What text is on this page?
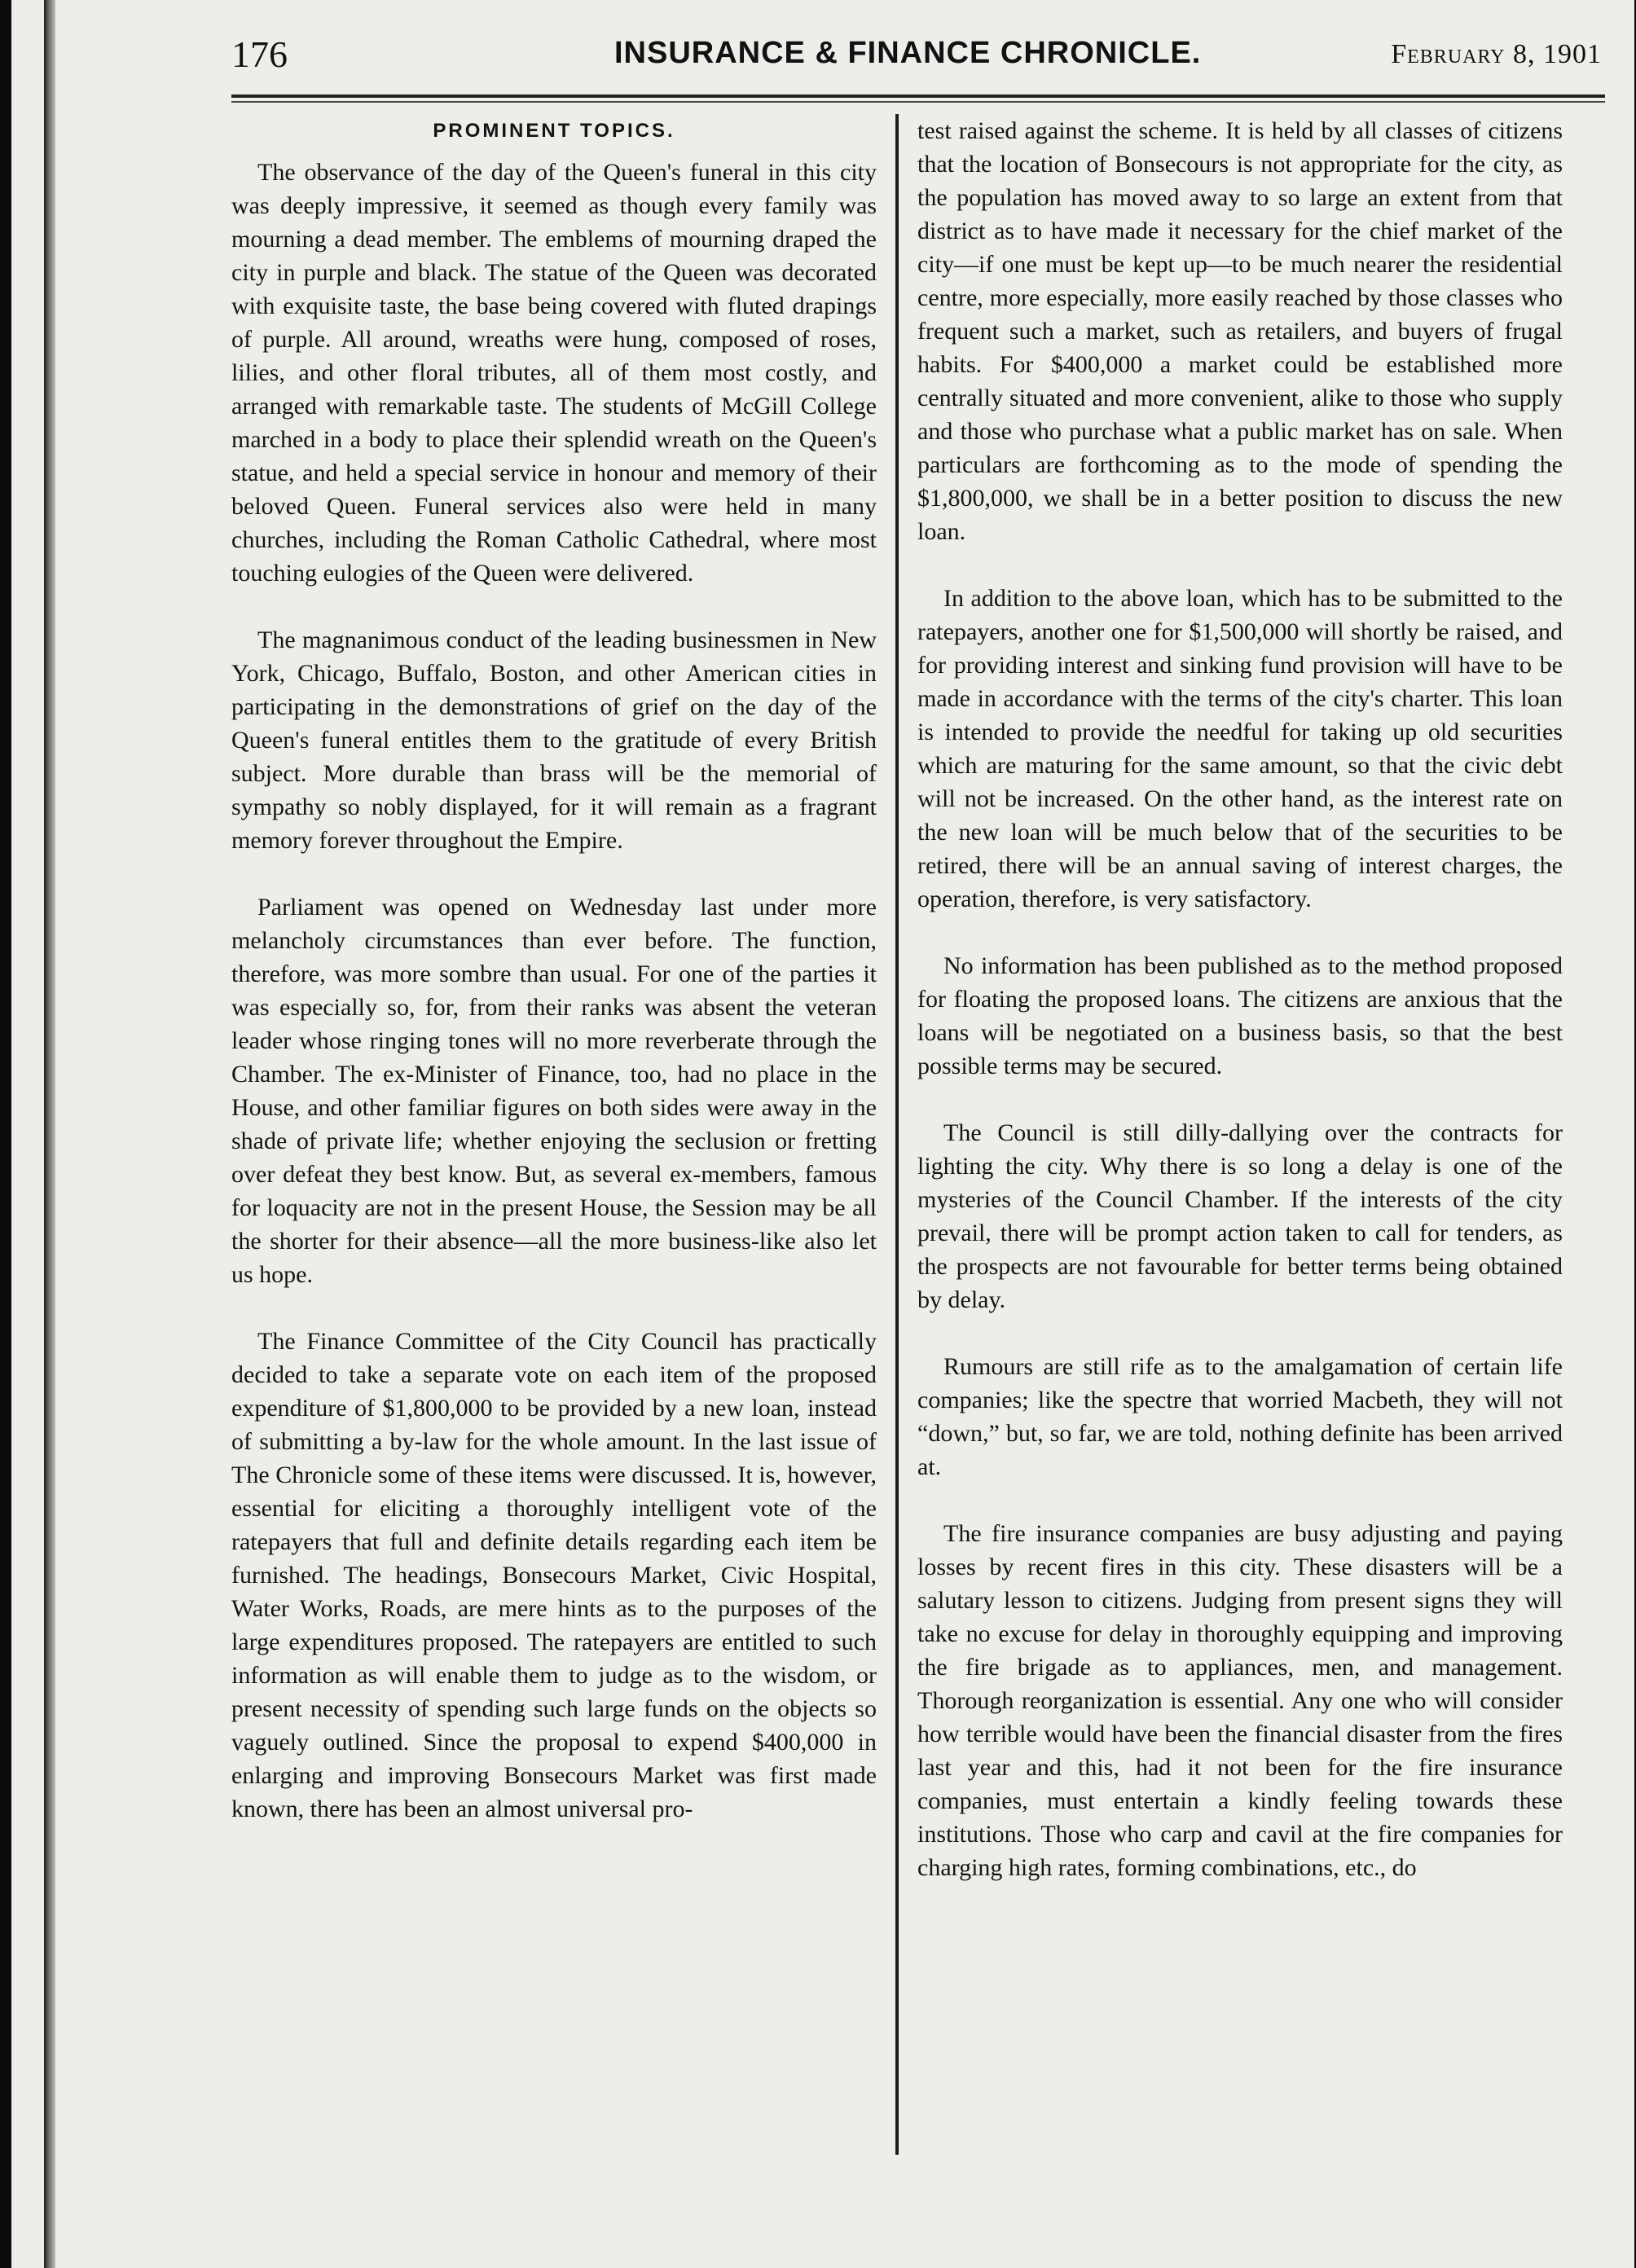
176	INSURANCE & FINANCE CHRONICLE.	February 8, 1901
PROMINENT TOPICS.

The observance of the day of the Queen's funeral in this city was deeply impressive, it seemed as though every family was mourning a dead member. The emblems of mourning draped the city in purple and black. The statue of the Queen was decorated with exquisite taste, the base being covered with fluted drapings of purple. All around, wreaths were hung, composed of roses, lilies, and other floral tributes, all of them most costly, and arranged with remarkable taste. The students of McGill College marched in a body to place their splendid wreath on the Queen's statue, and held a special service in honour and memory of their beloved Queen. Funeral services also were held in many churches, including the Roman Catholic Cathedral, where most touching eulogies of the Queen were delivered.

The magnanimous conduct of the leading businessmen in New York, Chicago, Buffalo, Boston, and other American cities in participating in the demonstrations of grief on the day of the Queen's funeral entitles them to the gratitude of every British subject. More durable than brass will be the memorial of sympathy so nobly displayed, for it will remain as a fragrant memory forever throughout the Empire.

Parliament was opened on Wednesday last under more melancholy circumstances than ever before. The function, therefore, was more sombre than usual. For one of the parties it was especially so, for, from their ranks was absent the veteran leader whose ringing tones will no more reverberate through the Chamber. The ex-Minister of Finance, too, had no place in the House, and other familiar figures on both sides were away in the shade of private life; whether enjoying the seclusion or fretting over defeat they best know. But, as several ex-members, famous for loquacity are not in the present House, the Session may be all the shorter for their absence—all the more business-like also let us hope.

The Finance Committee of the City Council has practically decided to take a separate vote on each item of the proposed expenditure of $1,800,000 to be provided by a new loan, instead of submitting a by-law for the whole amount. In the last issue of The Chronicle some of these items were discussed. It is, however, essential for eliciting a thoroughly intelligent vote of the ratepayers that full and definite details regarding each item be furnished. The headings, Bonsecours Market, Civic Hospital, Water Works, Roads, are mere hints as to the purposes of the large expenditures proposed. The ratepayers are entitled to such information as will enable them to judge as to the wisdom, or present necessity of spending such large funds on the objects so vaguely outlined. Since the proposal to expend $400,000 in enlarging and improving Bonsecours Market was first made known, there has been an almost universal pro-

test raised against the scheme. It is held by all classes of citizens that the location of Bonsecours is not appropriate for the city, as the population has moved away to so large an extent from that district as to have made it necessary for the chief market of the city—if one must be kept up—to be much nearer the residential centre, more especially, more easily reached by those classes who frequent such a market, such as retailers, and buyers of frugal habits. For $400,000 a market could be established more centrally situated and more convenient, alike to those who supply and those who purchase what a public market has on sale. When particulars are forthcoming as to the mode of spending the $1,800,000, we shall be in a better position to discuss the new loan.

In addition to the above loan, which has to be submitted to the ratepayers, another one for $1,500,000 will shortly be raised, and for providing interest and sinking fund provision will have to be made in accordance with the terms of the city's charter. This loan is intended to provide the needful for taking up old securities which are maturing for the same amount, so that the civic debt will not be increased. On the other hand, as the interest rate on the new loan will be much below that of the securities to be retired, there will be an annual saving of interest charges, the operation, therefore, is very satisfactory.

No information has been published as to the method proposed for floating the proposed loans. The citizens are anxious that the loans will be negotiated on a business basis, so that the best possible terms may be secured.

The Council is still dilly-dallying over the contracts for lighting the city. Why there is so long a delay is one of the mysteries of the Council Chamber. If the interests of the city prevail, there will be prompt action taken to call for tenders, as the prospects are not favourable for better terms being obtained by delay.

Rumours are still rife as to the amalgamation of certain life companies; like the spectre that worried Macbeth, they will not “down,” but, so far, we are told, nothing definite has been arrived at.

The fire insurance companies are busy adjusting and paying losses by recent fires in this city. These disasters will be a salutary lesson to citizens. Judging from present signs they will take no excuse for delay in thoroughly equipping and improving the fire brigade as to appliances, men, and management. Thorough reorganization is essential. Any one who will consider how terrible would have been the financial disaster from the fires last year and this, had it not been for the fire insurance companies, must entertain a kindly feeling towards these institutions. Those who carp and cavil at the fire companies for charging high rates, forming combinations, etc., do
